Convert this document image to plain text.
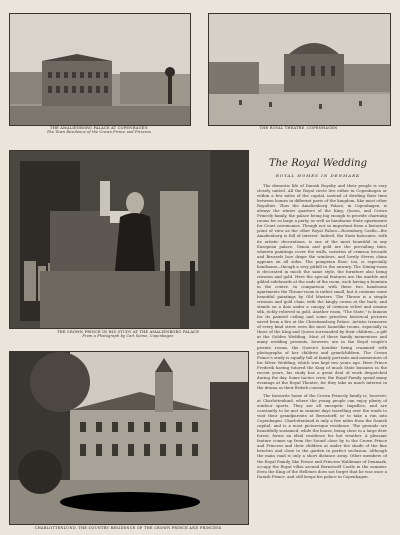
THE AMALIENBORG PALACE AT COPENHAGEN
The Town Residence of the Crown Prince and Princess
THE ROYAL THEATRE, COPENHAGEN
THE CROWN PRINCE IN HIS STUDY AT THE AMALIENBORG PALACE
From a Photograph by Carl Sonne, Copenhagen
CHARLOTTENLUND, THE COUNTRY RESIDENCE OF THE CROWN PRINCE AND PRINCESS
The Royal Wedding
ROYAL HOMES IN DENMARK

The domestic life of Danish Royalty and their people is very closely united. All the Royal circle live either in Copenhagen or within a few miles of the capital, instead of dividing their time between homes in different parts of the kingdom, like most other Royalties. Thus the Amalienborg Palace, in Copenhagen, is always the winter quarters of the King, Queen, and Crown Princely family, the palace being big enough to provide charming rooms for so large a party, as well as handsome State apartments for Court ceremonies. Though not so important from a historical point of view as the other Royal Palace—Rosenborg Castle—the Amalienborg is full of interest. Indeed, the State balconies, with its artistic decorations, is one of the most beautiful in any European palace. Genoa and gold are the prevailing tints, wherein paintings cover the walls, varieties of crimson brocade and Brussels lace drape the windows, and lovely Sèvres china appears on all sides. The pompeian floor, too, is especially handsome—though a very pitfall to the unwary. The Dining-room is decorated in much the same style, the furniture also being crimson and gold. Here the special features are the marble and gilded sideboards at the ends of the room, each having a fountain in the centre. In comparison with these two handsome apartments the Throne-room is rather small, but it contains some beautiful paintings by Old Masters. The Throne is a simple crimson and gold chair, with the kingly crown at the back, and stands on a dais under a canopy of crimson velvet and ermine silk, richly relieved in gold. Another room, "The State," is famous for its painted ceiling and some priceless historical pictures saved from a fire at the Christiansborg Palace. Artistic treasures of every kind strew even the most homelike rooms, especially in those of the King and Queen surrounded by their children—a gift at the Golden Wedding. Most of these family mementoes and many wedding presents, however, are in the Royal couple's private rooms, the Queen's boudoir being crammed with photographs of her children and grandchildren. The Crown Prince's study is equally full of family portraits and mementoes of his Silver Wedding, which was kept two years ago. Here Prince Frederik having tutored the King of much State business in the recent years, his study has a great deal of work despatched during the day. Some tactics crew, the Royal Family spend many evenings at the Royal Theatre, for they take as much interest in the drama as their British cousins.

The favourite home of the Crown Princely family is, however, at Charlottenlund, where the young people can enjoy plenty of outdoor sports. They are all energetic Impellics, and are constantly to be met in sunnier days travelling over the roads to visit their grandparents at Bernstorff, or to take a run into Copenhagen. Charlottenlund is only a few miles from the Danish capital, and is a most picturesque residence. The grounds are beautifully sustained, while the house, being close to a large deer forest, forms an ideal residence for hot weather. A pleasant feature comes up from the Sound close by to the Crown Prince and Princess and their children at under the shade of the fine beeches and close to the garden in perfect seclusion, although the main road is only a short distance away. Other members of the Royal Family, like Prince and Princess Waldemar of Denmark, occupy the Royal villas around Bernstorff Castle in the summer. Even the King of the Hellenes does not forget that he was once a Danish Prince, and still keeps his palace in Copenhagen.
